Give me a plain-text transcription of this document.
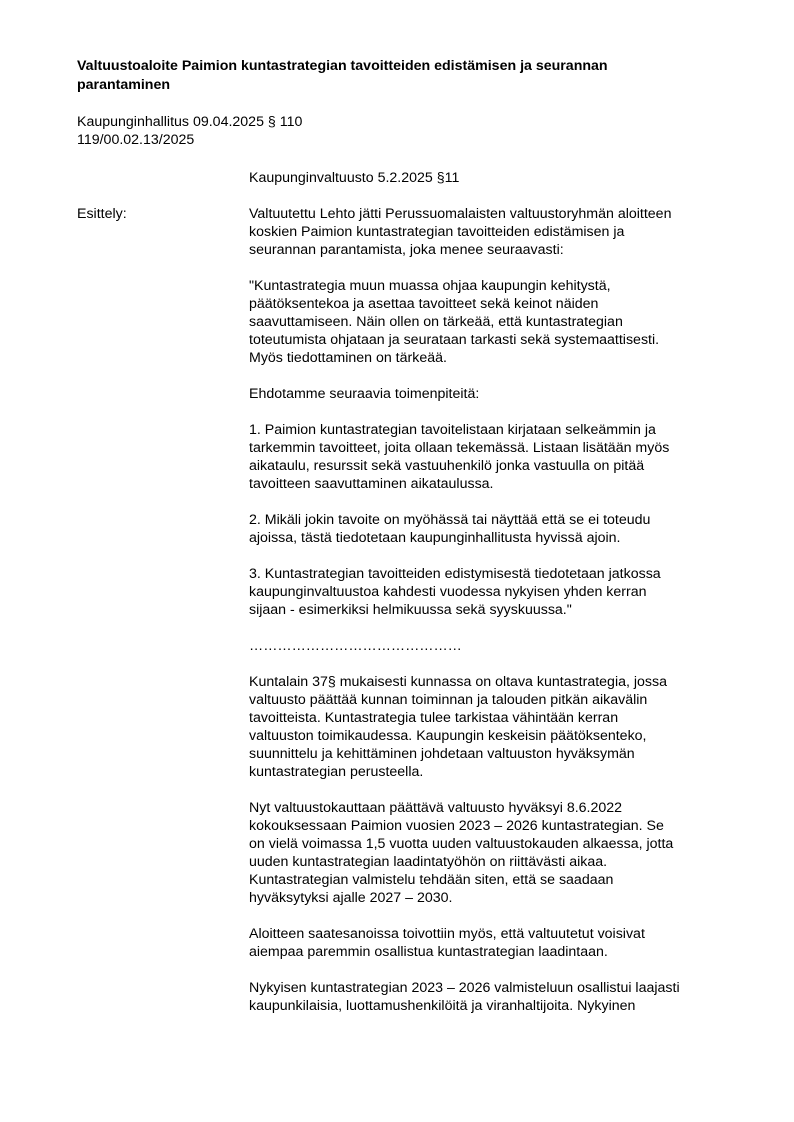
Valtuustoaloite Paimion kuntastrategian tavoitteiden edistämisen ja seurannan
parantaminen
Kaupunginhallitus 09.04.2025 § 110
119/00.02.13/2025
Kaupunginvaltuusto 5.2.2025 §11
Esittely:	Valtuutettu Lehto jätti Perussuomalaisten valtuustoryhmän aloitteen
koskien Paimion kuntastrategian tavoitteiden edistämisen ja
seurannan parantamista, joka menee seuraavasti:

"Kuntastrategia muun muassa ohjaa kaupungin kehitystä,
päätöksentekoa ja asettaa tavoitteet sekä keinot näiden
saavuttamiseen. Näin ollen on tärkeää, että kuntastrategian
toteutumista ohjataan ja seurataan tarkasti sekä systemaattisesti.
Myös tiedottaminen on tärkeää.

Ehdotamme seuraavia toimenpiteitä:

1. Paimion kuntastrategian tavoitelistaan kirjataan selkeämmin ja
tarkemmin tavoitteet, joita ollaan tekemässä. Listaan lisätään myös
aikataulu, resurssit sekä vastuuhenkilö jonka vastuulla on pitää
tavoitteen saavuttaminen aikataulussa.

2. Mikäli jokin tavoite on myöhässä tai näyttää että se ei toteudu
ajoissa, tästä tiedotetaan kaupunginhallitusta hyvissä ajoin.

3. Kuntastrategian tavoitteiden edistymisestä tiedotetaan jatkossa
kaupunginvaltuustoa kahdesti vuodessa nykyisen yhden kerran
sijaan - esimerkiksi helmikuussa sekä syyskuussa."

………………………………………

Kuntalain 37§ mukaisesti kunnassa on oltava kuntastrategia, jossa
valtuusto päättää kunnan toiminnan ja talouden pitkän aikavälin
tavoitteista. Kuntastrategia tulee tarkistaa vähintään kerran
valtuuston toimikaudessa. Kaupungin keskeisin päätöksenteko,
suunnittelu ja kehittäminen johdetaan valtuuston hyväksymän
kuntastrategian perusteella.

Nyt valtuustokauttaan päättävä valtuusto hyväksyi 8.6.2022
kokouksessaan Paimion vuosien 2023 – 2026 kuntastrategian. Se
on vielä voimassa 1,5 vuotta uuden valtuustokauden alkaessa, jotta
uuden kuntastrategian laadintatyöhön on riittävästi aikaa.
Kuntastrategian valmistelu tehdään siten, että se saadaan
hyväksytyksi ajalle 2027 – 2030.

Aloitteen saatesanoissa toivottiin myös, että valtuutetut voisivat
aiempaa paremmin osallistua kuntastrategian laadintaan.

Nykyisen kuntastrategian 2023 – 2026 valmisteluun osallistui laajasti
kaupunkilaisia, luottamushenkilöitä ja viranhaltijoita. Nykyinen
